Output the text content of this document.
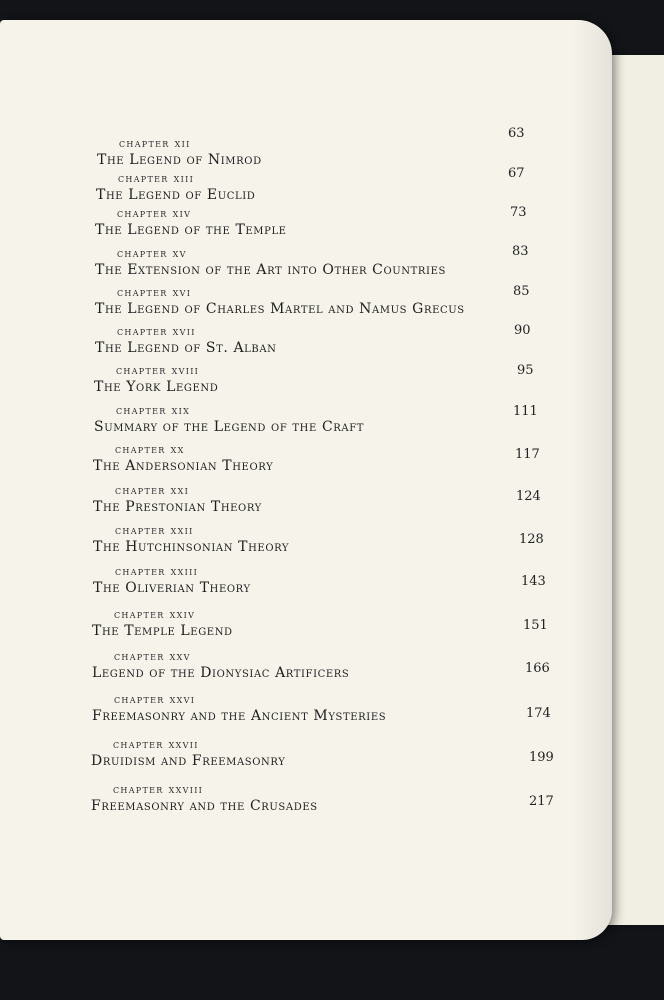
chapter xii
The Legend of Nimrod
63
chapter xiii
The Legend of Euclid
67
chapter xiv
The Legend of the Temple
73
chapter xv
The Extension of the Art into Other Countries
83
chapter xvi
The Legend of Charles Martel and Namus Grecus
85
chapter xvii
The Legend of St. Alban
90
chapter xviii
The York Legend
95
chapter xix
Summary of the Legend of the Craft
111
chapter xx
The Andersonian Theory
117
chapter xxi
The Prestonian Theory
124
chapter xxii
The Hutchinsonian Theory	128
chapter xxiii
The Oliverian Theory	143
chapter xxiv
The Temple Legend	151
chapter xxv
Legend of the Dionysiac Artificers	166
chapter xxvi
Freemasonry and the Ancient Mysteries	174
chapter xxvii
Druidism and Freemasonry	199
chapter xxviii
Freemasonry and the Crusades	217
